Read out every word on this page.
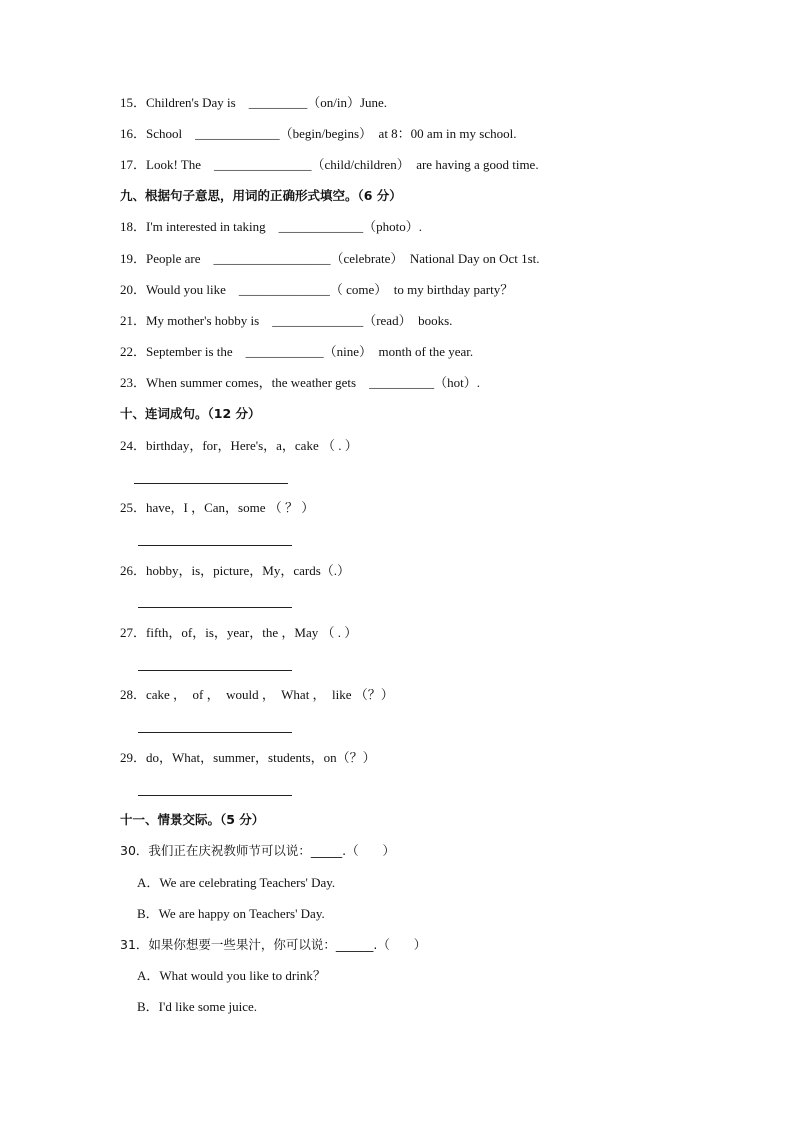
15．Children's Day is    _________（on/in）June.
16．School    _____________（begin/begins）  at 8：00 am in my school.
17．Look! The    _______________（child/children）  are having a good time.
九、根据句子意思，用词的正确形式填空。（6 分）
18．I'm interested in taking    _____________（photo）.
19．People are    __________________（celebrate）  National Day on Oct 1st.
20．Would you like    ______________（ come）  to my birthday party？
21．My mother's hobby is    ______________（read）  books.
22．September is the    ____________（nine）  month of the year.
23．When summer comes，the weather gets    __________（hot）.
十、连词成句。（12 分）
24．birthday，for，Here's，a，cake （ . ）
25．have，I ，Can，some （ ？ ）
26．hobby，is，picture，My，cards（.）
27．fifth，of，is，year，the ，May （ . ）
28．cake ，  of ，  would ，  What ，  like （？）
29．do，What，summer，students，on（？）
十一、情景交际。（5 分）
30．我们正在庆祝教师节可以说：_____.（      ）
A．We are celebrating Teachers' Day.
B．We are happy on Teachers' Day.
31．如果你想要一些果汁，你可以说：______.（      ）
A．What would you like to drink？
B．I'd like some juice.
